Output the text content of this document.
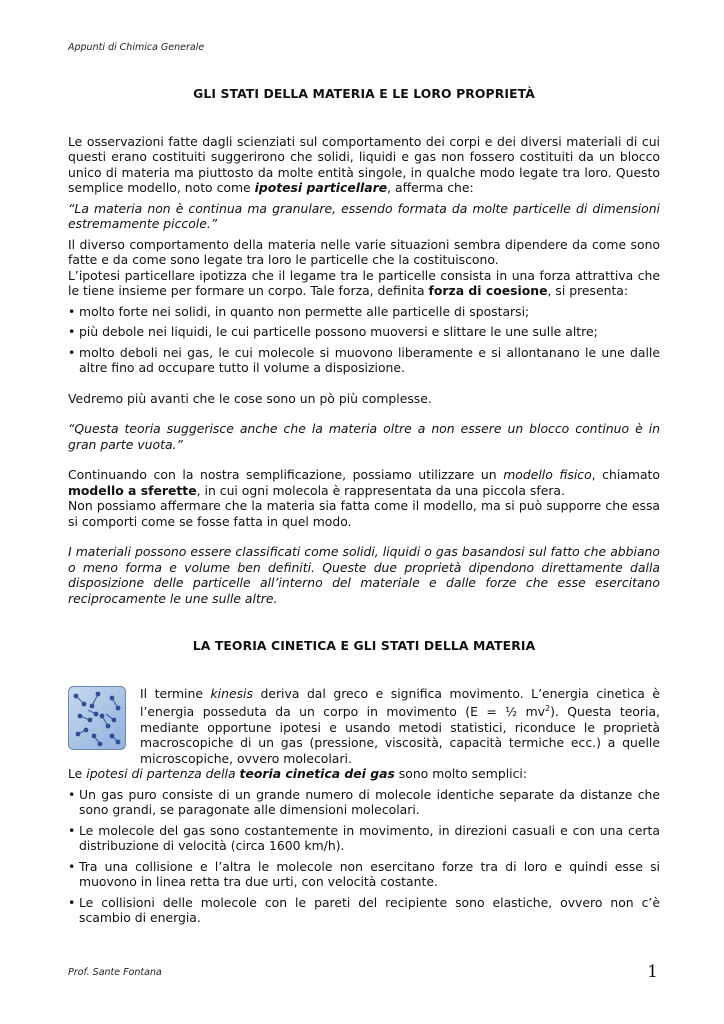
Appunti di Chimica Generale
GLI STATI DELLA MATERIA E LE LORO PROPRIETÀ

Le osservazioni fatte dagli scienziati sul comportamento dei corpi e dei diversi materiali di cui questi erano costituiti suggerirono che solidi, liquidi e gas non fossero costituiti da un blocco unico di materia ma piuttosto da molte entità singole, in qualche modo legate tra loro. Questo semplice modello, noto come ipotesi particellare, afferma che:

“La materia non è continua ma granulare, essendo formata da molte particelle di dimensioni estremamente piccole.”

Il diverso comportamento della materia nelle varie situazioni sembra dipendere da come sono fatte e da come sono legate tra loro le particelle che la costituiscono.

L’ipotesi particellare ipotizza che il legame tra le particelle consista in una forza attrattiva che le tiene insieme per formare un corpo. Tale forza, definita forza di coesione, si presenta:

• molto forte nei solidi, in quanto non permette alle particelle di spostarsi;
• più debole nei liquidi, le cui particelle possono muoversi e slittare le une sulle altre;
• molto deboli nei gas, le cui molecole si muovono liberamente e si allontanano le une dalle altre fino ad occupare tutto il volume a disposizione.

Vedremo più avanti che le cose sono un pò più complesse.

“Questa teoria suggerisce anche che la materia oltre a non essere un blocco continuo è in gran parte vuota.”

Continuando con la nostra semplificazione, possiamo utilizzare un modello fisico, chiamato modello a sferette, in cui ogni molecola è rappresentata da una piccola sfera.

Non possiamo affermare che la materia sia fatta come il modello, ma si può supporre che essa si comporti come se fosse fatta in quel modo.

I materiali possono essere classificati come solidi, liquidi o gas basandosi sul fatto che abbiano o meno forma e volume ben definiti. Queste due proprietà dipendono direttamente dalla disposizione delle particelle all’interno del materiale e dalle forze che esse esercitano reciprocamente le une sulle altre.

LA TEORIA CINETICA E GLI STATI DELLA MATERIA

Il termine kinesis deriva dal greco e significa movimento. L’energia cinetica è l’energia posseduta da un corpo in movimento (E = ½ $mv^2$). Questa teoria, mediante opportune ipotesi e usando metodi statistici, riconduce le proprietà macroscopiche di un gas (pressione, viscosità, capacità termiche ecc.) a quelle microscopiche, ovvero molecolari.

Le ipotesi di partenza della teoria cinetica dei gas sono molto semplici:

• Un gas puro consiste di un grande numero di molecole identiche separate da distanze che sono grandi, se paragonate alle dimensioni molecolari.
• Le molecole del gas sono costantemente in movimento, in direzioni casuali e con una certa distribuzione di velocità (circa 1600 km/h).
• Tra una collisione e l’altra le molecole non esercitano forze tra di loro e quindi esse si muovono in linea retta tra due urti, con velocità costante.
• Le collisioni delle molecole con le pareti del recipiente sono elastiche, ovvero non c’è scambio di energia.
Prof. Sante Fontana	1
